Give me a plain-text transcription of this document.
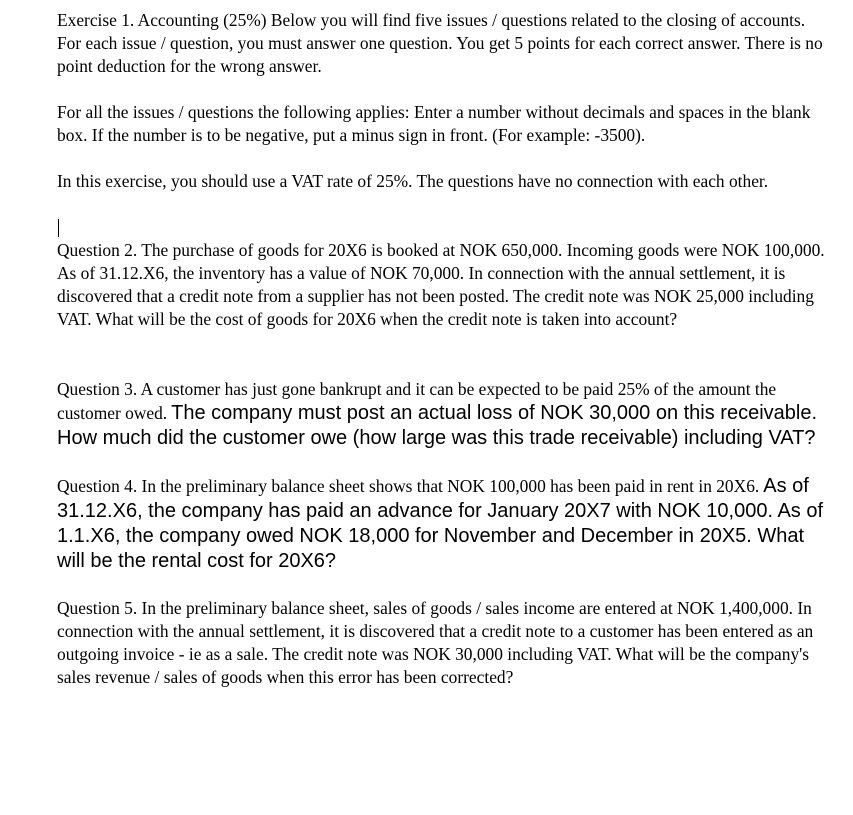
Exercise 1. Accounting (25%) Below you will find five issues / questions related to the closing of accounts. For each issue / question, you must answer one question. You get 5 points for each correct answer. There is no point deduction for the wrong answer.

For all the issues / questions the following applies: Enter a number without decimals and spaces in the blank box. If the number is to be negative, put a minus sign in front. (For example: -3500).

In this exercise, you should use a VAT rate of 25%. The questions have no connection with each other.

Question 2. The purchase of goods for 20X6 is booked at NOK 650,000. Incoming goods were NOK 100,000. As of 31.12.X6, the inventory has a value of NOK 70,000. In connection with the annual settlement, it is discovered that a credit note from a supplier has not been posted. The credit note was NOK 25,000 including VAT. What will be the cost of goods for 20X6 when the credit note is taken into account?

Question 3. A customer has just gone bankrupt and it can be expected to be paid 25% of the amount the customer owed. The company must post an actual loss of NOK 30,000 on this receivable. How much did the customer owe (how large was this trade receivable) including VAT?

Question 4. In the preliminary balance sheet shows that NOK 100,000 has been paid in rent in 20X6. As of 31.12.X6, the company has paid an advance for January 20X7 with NOK 10,000. As of 1.1.X6, the company owed NOK 18,000 for November and December in 20X5. What will be the rental cost for 20X6?

Question 5. In the preliminary balance sheet, sales of goods / sales income are entered at NOK 1,400,000. In connection with the annual settlement, it is discovered that a credit note to a customer has been entered as an outgoing invoice - ie as a sale. The credit note was NOK 30,000 including VAT. What will be the company's sales revenue / sales of goods when this error has been corrected?
